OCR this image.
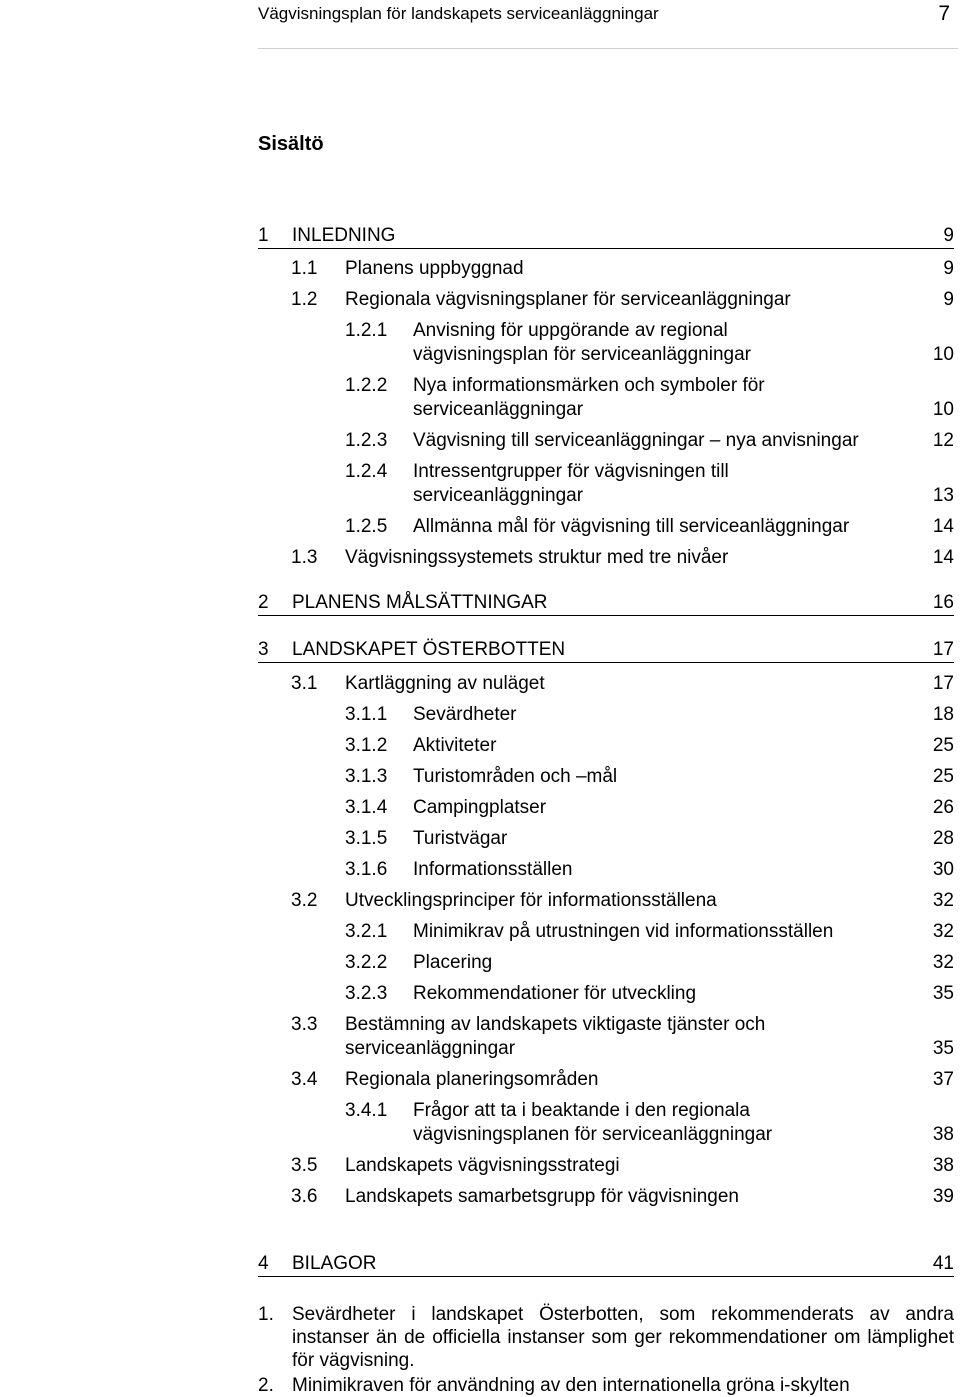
Vägvisningsplan för landskapets serviceanläggningar	7
Sisältö
1 INLEDNING	9
1.1 Planens uppbyggnad	9
1.2 Regionala vägvisningsplaner för serviceanläggningar	9
1.2.1 Anvisning för uppgörande av regional
vägvisningsplan för serviceanläggningar	10
1.2.2 Nya informationsmärken och symboler för
serviceanläggningar	10
1.2.3 Vägvisning till serviceanläggningar – nya anvisningar	12
1.2.4 Intressentgrupper för vägvisningen till
serviceanläggningar	13
1.2.5 Allmänna mål för vägvisning till serviceanläggningar	14
1.3 Vägvisningssystemets struktur med tre nivåer	14
2 PLANENS MÅLSÄTTNINGAR	16
3 LANDSKAPET ÖSTERBOTTEN	17
3.1 Kartläggning av nuläget	17
3.1.1 Sevärdheter	18
3.1.2 Aktiviteter	25
3.1.3 Turistområden och –mål	25
3.1.4 Campingplatser	26
3.1.5 Turistvägar	28
3.1.6 Informationsställen	30
3.2 Utvecklingsprinciper för informationsställena	32
3.2.1 Minimikrav på utrustningen vid informationsställen	32
3.2.2 Placering	32
3.2.3 Rekommendationer för utveckling	35
3.3 Bestämning av landskapets viktigaste tjänster och
serviceanläggningar	35
3.4 Regionala planeringsområden	37
3.4.1 Frågor att ta i beaktande i den regionala
vägvisningsplanen för serviceanläggningar	38
3.5 Landskapets vägvisningsstrategi	38
3.6 Landskapets samarbetsgrupp för vägvisningen	39
4 BILAGOR	41
1. Sevärdheter i landskapet Österbotten, som rekommenderats av andra instanser än de officiella instanser som ger rekommendationer om lämplighet för vägvisning.
2. Minimikraven för användning av den internationella gröna i-skylten
